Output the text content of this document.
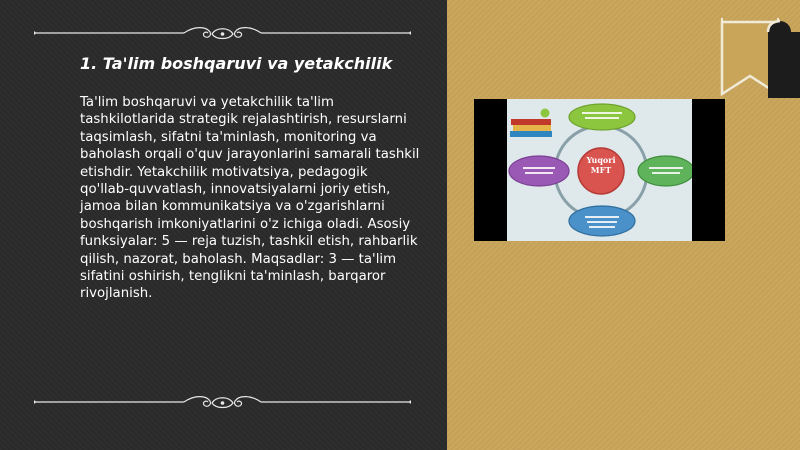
1. Ta'lim boshqaruvi va yetakchilik

Ta'lim boshqaruvi va yetakchilik ta'lim tashkilotlarida strategik rejalashtirish, resurslarni taqsimlash, sifatni ta'minlash, monitoring va baholash orqali o'quv jarayonlarini samarali tashkil etishdir. Yetakchilik motivatsiya, pedagogik qo'llab-quvvatlash, innovatsiyalarni joriy etish, jamoa bilan kommunikatsiya va o'zgarishlarni boshqarish imkoniyatlarini o'z ichiga oladi. Asosiy funksiyalar: 5 — reja tuzish, tashkil etish, rahbarlik qilish, nazorat, baholash. Maqsadlar: 3 — ta'lim sifatini oshirish, tenglikni ta'minlash, barqaror rivojlanish.

Yuqori
MFT
